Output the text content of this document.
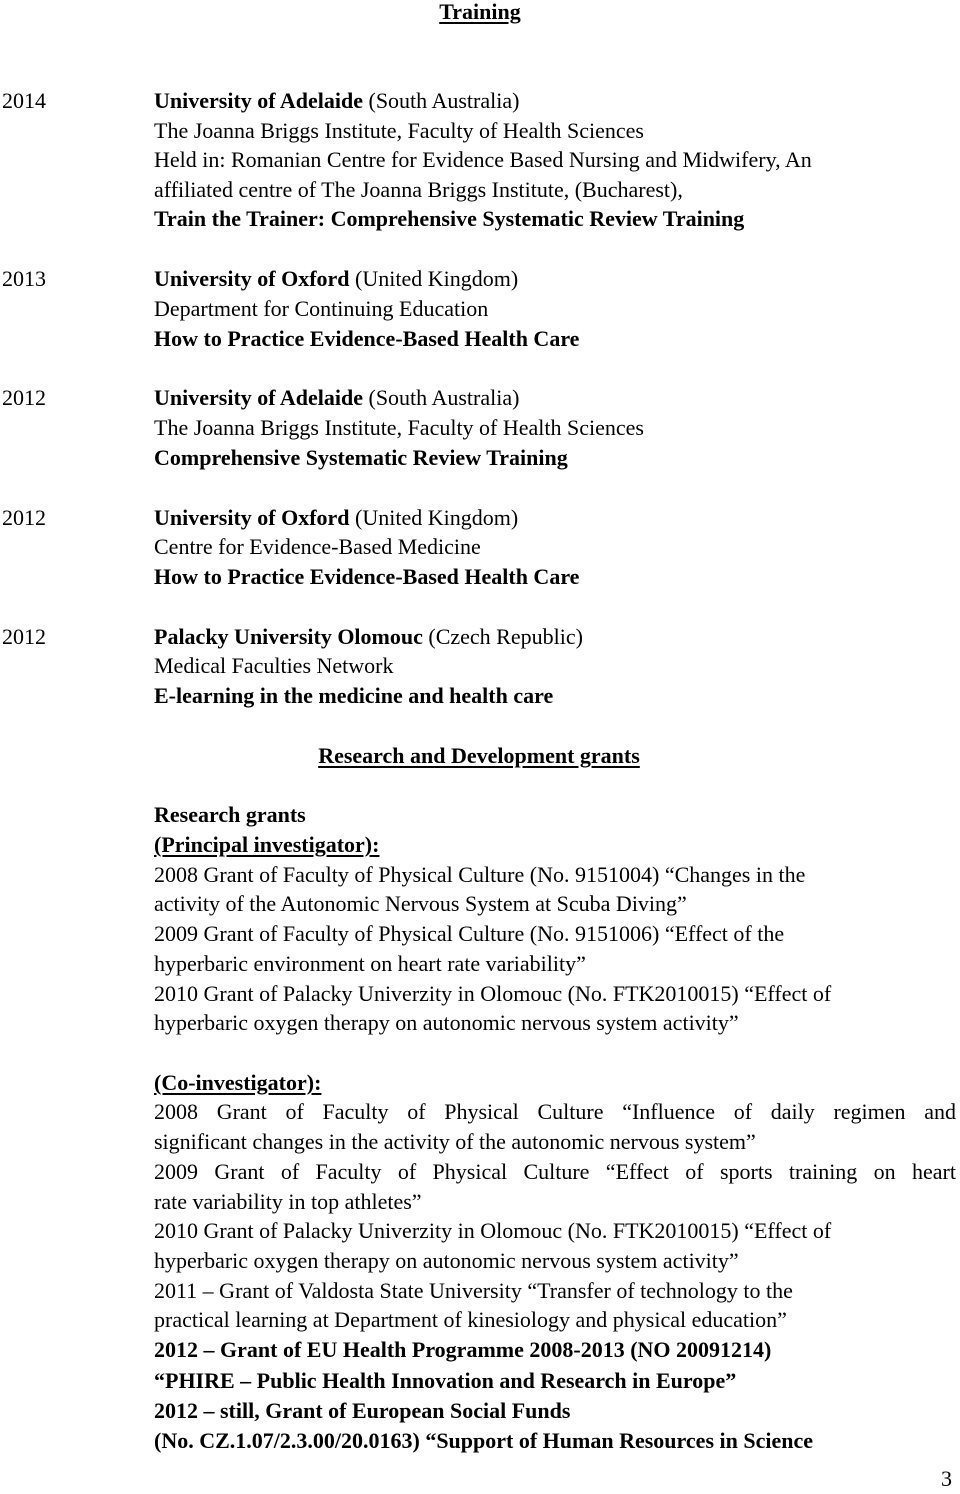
Training
2014	University of Adelaide (South Australia)
The Joanna Briggs Institute, Faculty of Health Sciences
Held in: Romanian Centre for Evidence Based Nursing and Midwifery, An
affiliated centre of The Joanna Briggs Institute, (Bucharest),
Train the Trainer: Comprehensive Systematic Review Training
2013	University of Oxford (United Kingdom)
Department for Continuing Education
How to Practice Evidence-Based Health Care
2012	University of Adelaide (South Australia)
The Joanna Briggs Institute, Faculty of Health Sciences
Comprehensive Systematic Review Training
2012	University of Oxford (United Kingdom)
Centre for Evidence-Based Medicine
How to Practice Evidence-Based Health Care
2012	Palacky University Olomouc (Czech Republic)
Medical Faculties Network
E-learning in the medicine and health care
Research and Development grants
Research grants
(Principal investigator):
2008 Grant of Faculty of Physical Culture (No. 9151004) “Changes in the
activity of the Autonomic Nervous System at Scuba Diving”
2009 Grant of Faculty of Physical Culture (No. 9151006) “Effect of the
hyperbaric environment on heart rate variability”
2010 Grant of Palacky Univerzity in Olomouc (No. FTK2010015) “Effect of
hyperbaric oxygen therapy on autonomic nervous system activity”
(Co-investigator):
2008 Grant of Faculty of Physical Culture “Influence of daily regimen and
significant changes in the activity of the autonomic nervous system”
2009 Grant of Faculty of Physical Culture “Effect of sports training on heart
rate variability in top athletes”
2010 Grant of Palacky Univerzity in Olomouc (No. FTK2010015) “Effect of
hyperbaric oxygen therapy on autonomic nervous system activity”
2011 – Grant of Valdosta State University “Transfer of technology to the
practical learning at Department of kinesiology and physical education”
2012 – Grant of EU Health Programme 2008-2013 (NO 20091214)
“PHIRE – Public Health Innovation and Research in Europe”
2012 – still, Grant of European Social Funds
(No. CZ.1.07/2.3.00/20.0163) “Support of Human Resources in Science
3
